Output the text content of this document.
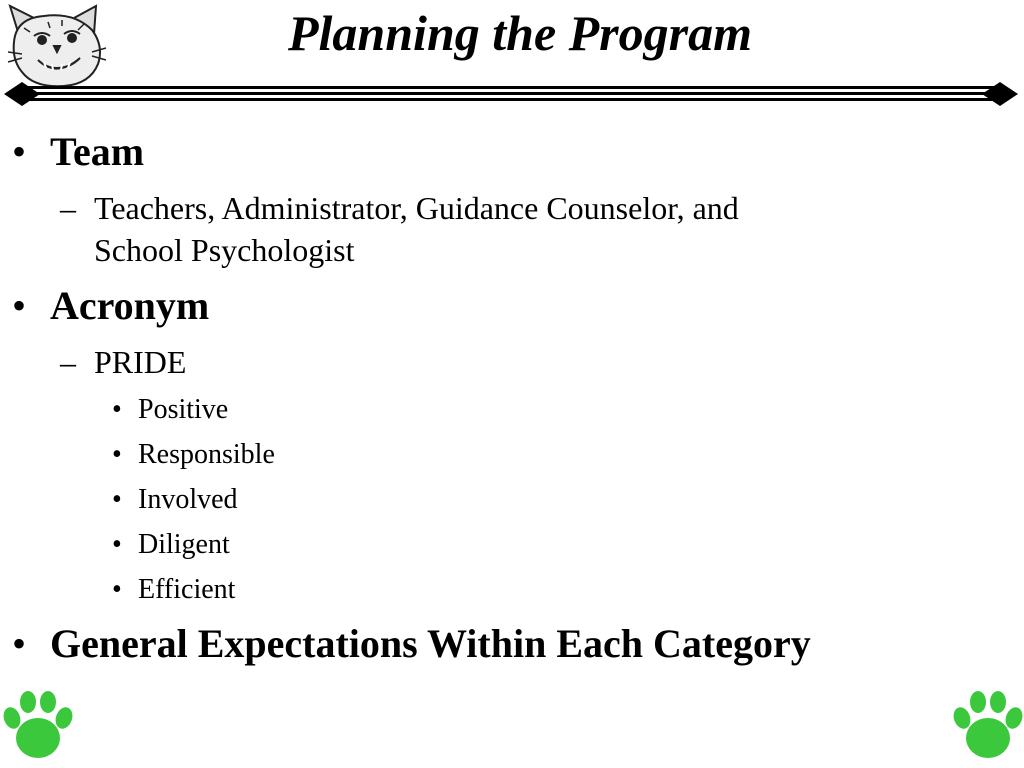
Planning the Program
• Team
– Teachers, Administrator, Guidance Counselor, and
School Psychologist
• Acronym
– PRIDE
• Positive
• Responsible
• Involved
• Diligent
• Efficient
• General Expectations Within Each Category
